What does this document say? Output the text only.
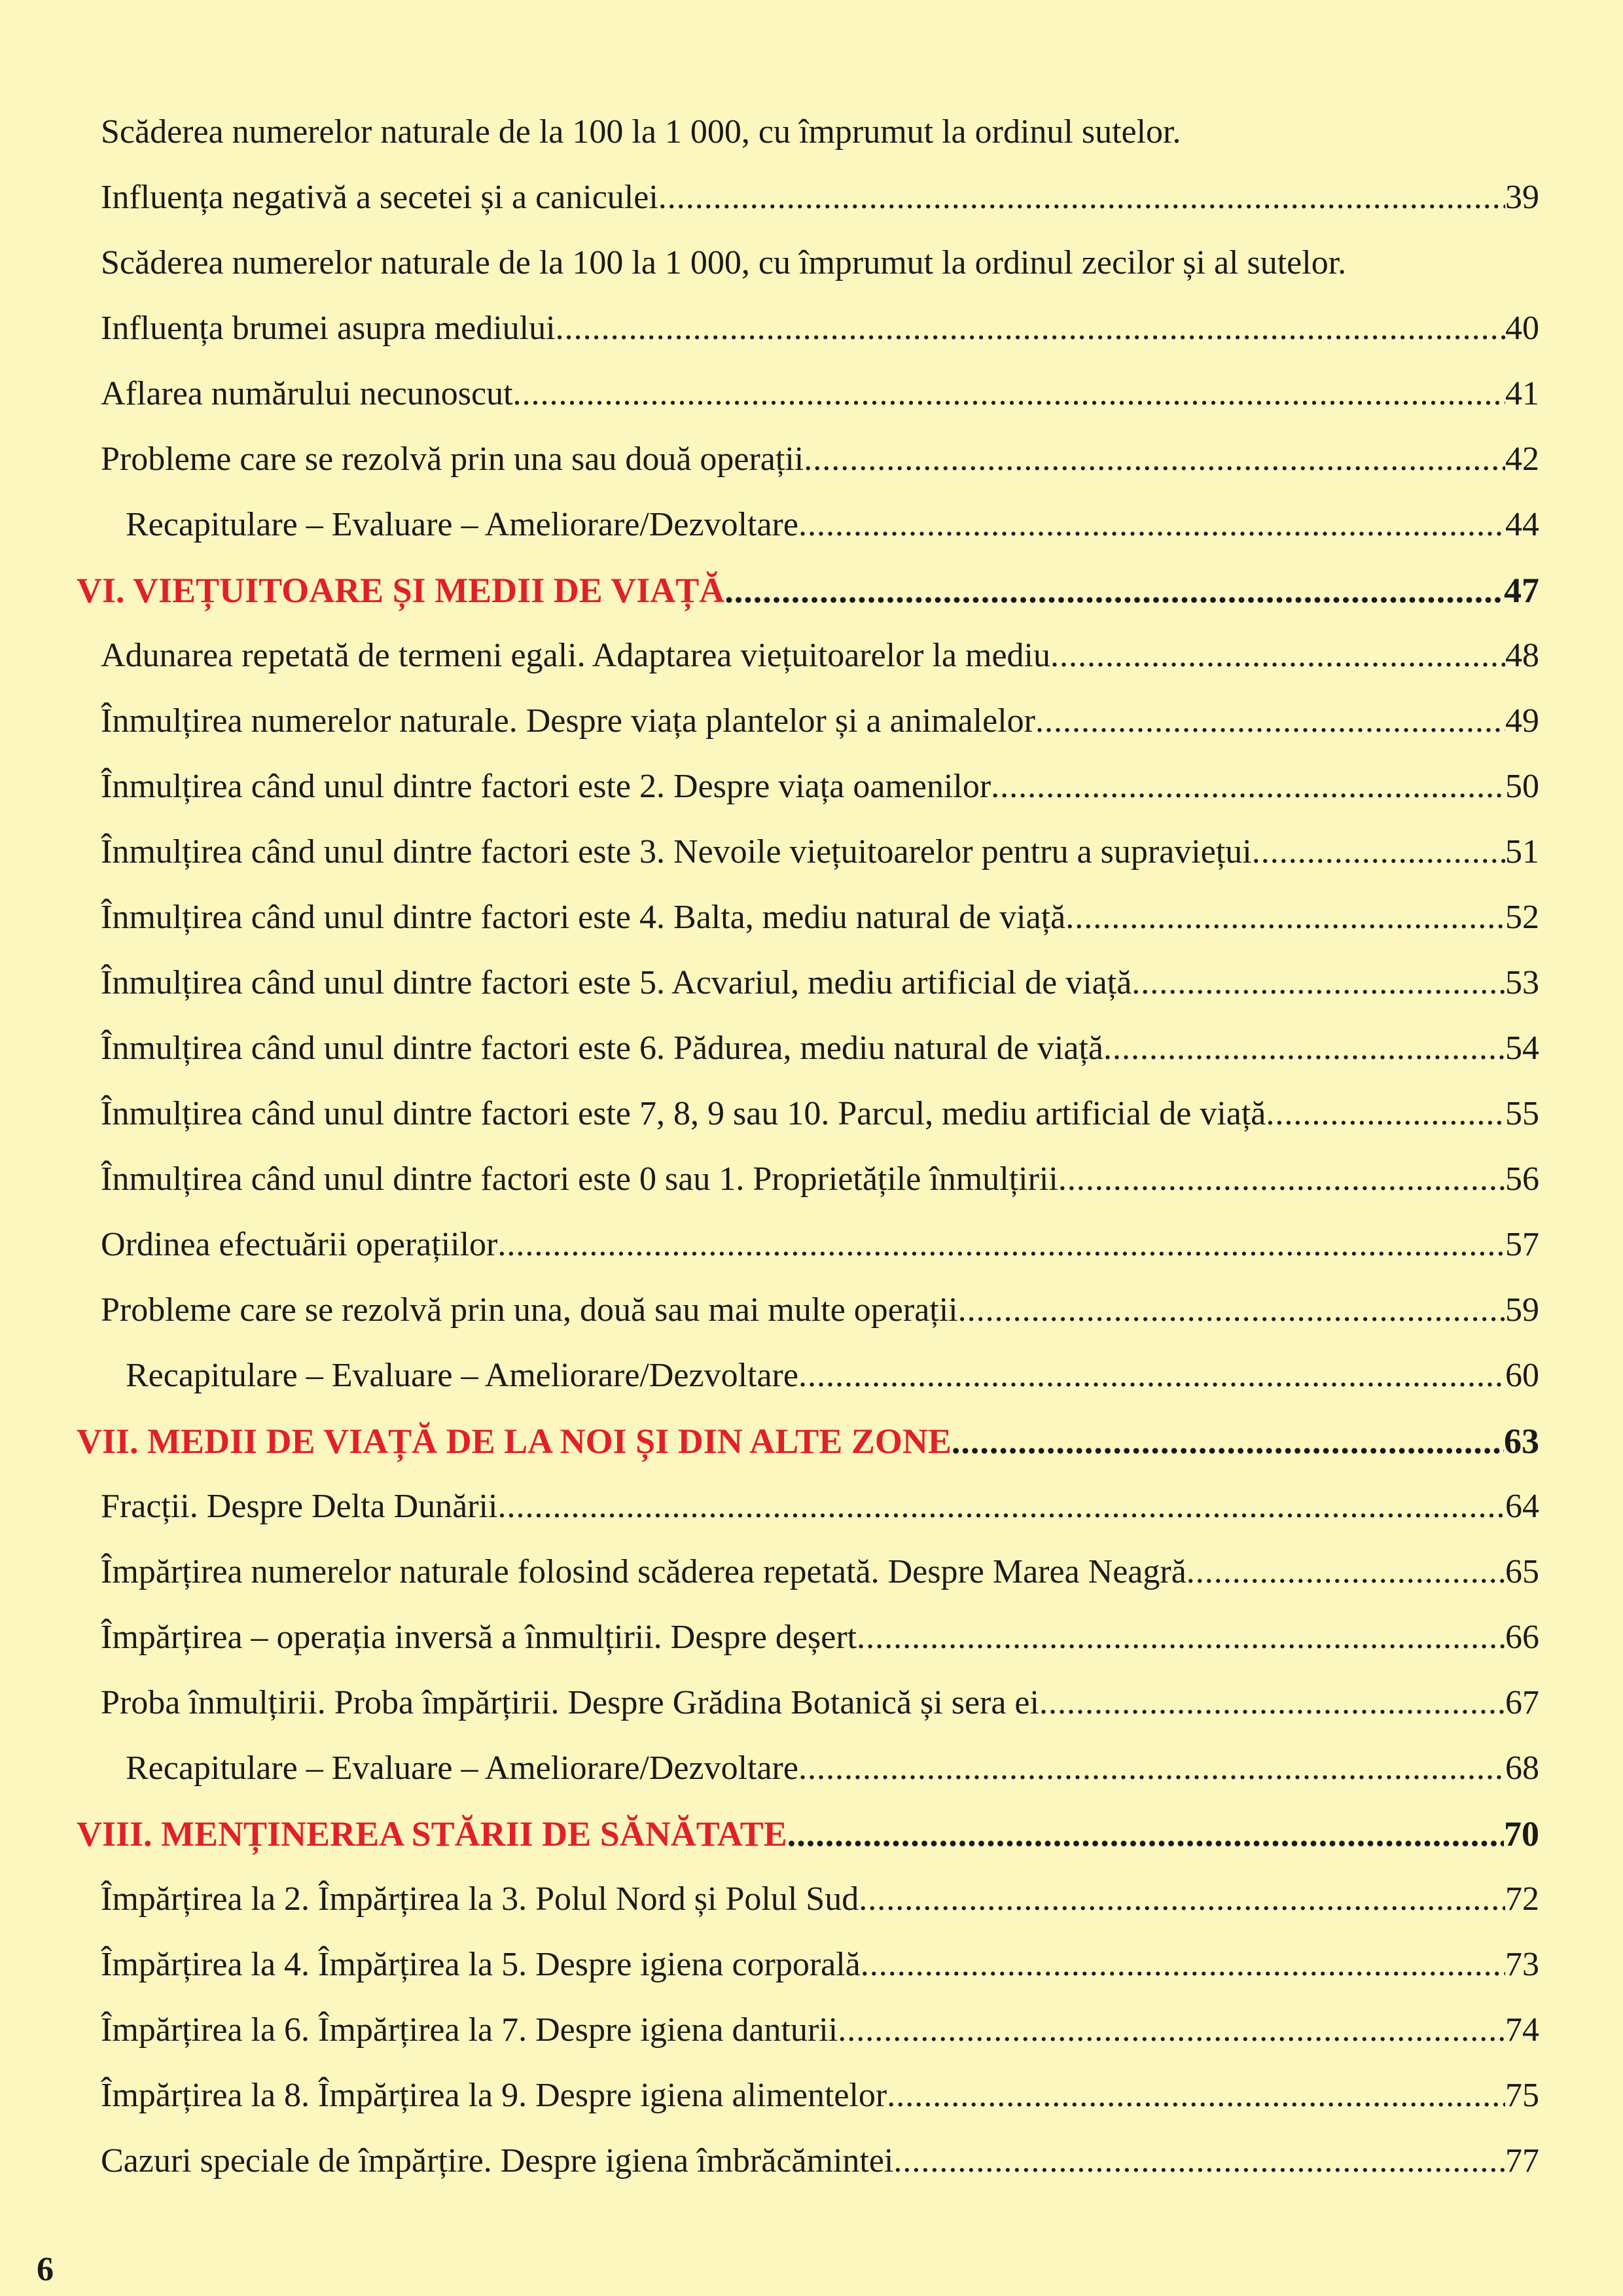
Scăderea numerelor naturale de la 100 la 1 000, cu împrumut la ordinul sutelor.
Influența negativă a secetei și a caniculei .....	39
Scăderea numerelor naturale de la 100 la 1 000, cu împrumut la ordinul zecilor și al sutelor.
Influența brumei asupra mediului .....	40
Aflarea numărului necunoscut .....	41
Probleme care se rezolvă prin una sau două operații .....	42
Recapitulare – Evaluare – Ameliorare/Dezvoltare .....	44
VI. VIEȚUITOARE ȘI MEDII DE VIAȚĂ .....	47
Adunarea repetată de termeni egali. Adaptarea viețuitoarelor la mediu .....	48
Înmulțirea numerelor naturale. Despre viața plantelor și a animalelor .....	49
Înmulțirea când unul dintre factori este 2. Despre viața oamenilor .....	50
Înmulțirea când unul dintre factori este 3. Nevoile viețuitoarelor pentru a supraviețui .....	51
Înmulțirea când unul dintre factori este 4. Balta, mediu natural de viață .....	52
Înmulțirea când unul dintre factori este 5. Acvariul, mediu artificial de viață .....	53
Înmulțirea când unul dintre factori este 6. Pădurea, mediu natural de viață .....	54
Înmulțirea când unul dintre factori este 7, 8, 9 sau 10. Parcul, mediu artificial de viață .....	55
Înmulțirea când unul dintre factori este 0 sau 1. Proprietățile înmulțirii .....	56
Ordinea efectuării operațiilor .....	57
Probleme care se rezolvă prin una, două sau mai multe operații .....	59
Recapitulare – Evaluare – Ameliorare/Dezvoltare .....	60
VII. MEDII DE VIAȚĂ DE LA NOI ȘI DIN ALTE ZONE .....	63
Fracții. Despre Delta Dunării .....	64
Împărțirea numerelor naturale folosind scăderea repetată. Despre Marea Neagră .....	65
Împărțirea – operația inversă a înmulțirii. Despre deșert .....	66
Proba înmulțirii. Proba împărțirii. Despre Grădina Botanică și sera ei .....	67
Recapitulare – Evaluare – Ameliorare/Dezvoltare .....	68
VIII. MENȚINEREA STĂRII DE SĂNĂTATE .....	70
Împărțirea la 2. Împărțirea la 3. Polul Nord și Polul Sud .....	72
Împărțirea la 4. Împărțirea la 5. Despre igiena corporală .....	73
Împărțirea la 6. Împărțirea la 7. Despre igiena danturii .....	74
Împărțirea la 8. Împărțirea la 9. Despre igiena alimentelor .....	75
Cazuri speciale de împărțire. Despre igiena îmbrăcămintei .....	77
6
